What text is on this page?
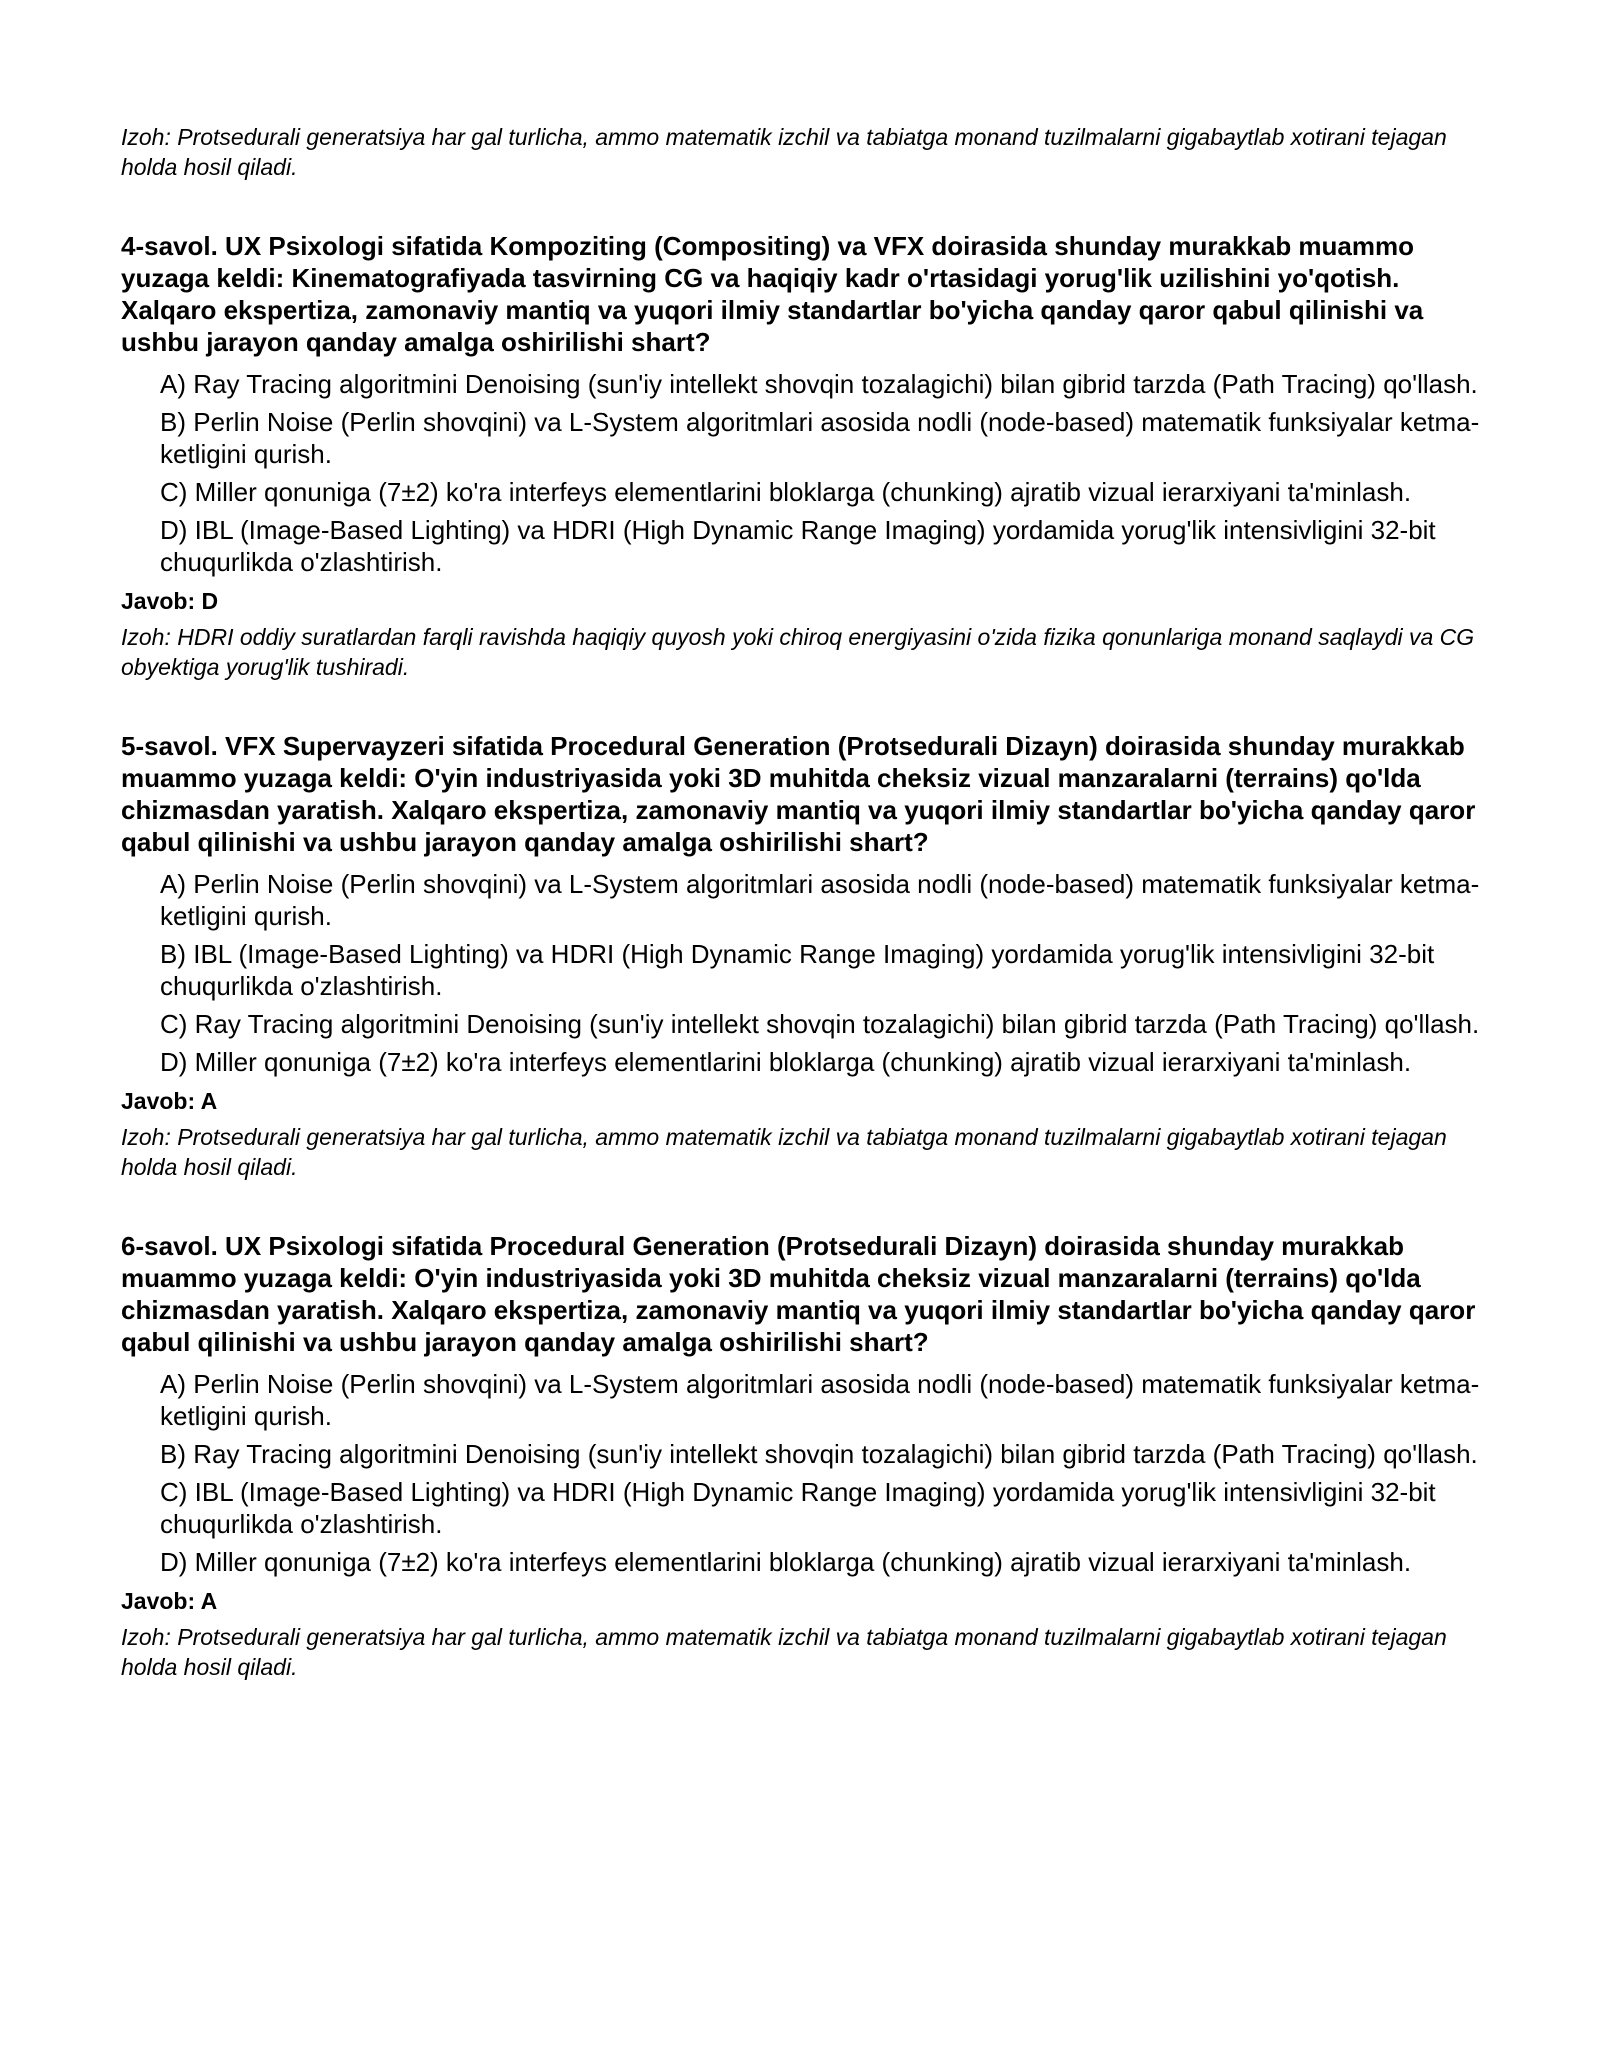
Izoh: Protsedurali generatsiya har gal turlicha, ammo matematik izchil va tabiatga monand tuzilmalarni gigabaytlab xotirani tejagan holda hosil qiladi.

4-savol. UX Psixologi sifatida Kompoziting (Compositing) va VFX doirasida shunday murakkab muammo yuzaga keldi: Kinematografiyada tasvirning CG va haqiqiy kadr o'rtasidagi yorug'lik uzilishini yo'qotish. Xalqaro ekspertiza, zamonaviy mantiq va yuqori ilmiy standartlar bo'yicha qanday qaror qabul qilinishi va ushbu jarayon qanday amalga oshirilishi shart?

A) Ray Tracing algoritmini Denoising (sun'iy intellekt shovqin tozalagichi) bilan gibrid tarzda (Path Tracing) qo'llash.
B) Perlin Noise (Perlin shovqini) va L-System algoritmlari asosida nodli (node-based) matematik funksiyalar ketma-ketligini qurish.
C) Miller qonuniga (7±2) ko'ra interfeys elementlarini bloklarga (chunking) ajratib vizual ierarxiyani ta'minlash.
D) IBL (Image-Based Lighting) va HDRI (High Dynamic Range Imaging) yordamida yorug'lik intensivligini 32-bit chuqurlikda o'zlashtirish.

Javob: D

Izoh: HDRI oddiy suratlardan farqli ravishda haqiqiy quyosh yoki chiroq energiyasini o'zida fizika qonunlariga monand saqlaydi va CG obyektiga yorug'lik tushiradi.

5-savol. VFX Supervayzeri sifatida Procedural Generation (Protsedurali Dizayn) doirasida shunday murakkab muammo yuzaga keldi: O'yin industriyasida yoki 3D muhitda cheksiz vizual manzaralarni (terrains) qo'lda chizmasdan yaratish. Xalqaro ekspertiza, zamonaviy mantiq va yuqori ilmiy standartlar bo'yicha qanday qaror qabul qilinishi va ushbu jarayon qanday amalga oshirilishi shart?

A) Perlin Noise (Perlin shovqini) va L-System algoritmlari asosida nodli (node-based) matematik funksiyalar ketma-ketligini qurish.
B) IBL (Image-Based Lighting) va HDRI (High Dynamic Range Imaging) yordamida yorug'lik intensivligini 32-bit chuqurlikda o'zlashtirish.
C) Ray Tracing algoritmini Denoising (sun'iy intellekt shovqin tozalagichi) bilan gibrid tarzda (Path Tracing) qo'llash.
D) Miller qonuniga (7±2) ko'ra interfeys elementlarini bloklarga (chunking) ajratib vizual ierarxiyani ta'minlash.

Javob: A

Izoh: Protsedurali generatsiya har gal turlicha, ammo matematik izchil va tabiatga monand tuzilmalarni gigabaytlab xotirani tejagan holda hosil qiladi.

6-savol. UX Psixologi sifatida Procedural Generation (Protsedurali Dizayn) doirasida shunday murakkab muammo yuzaga keldi: O'yin industriyasida yoki 3D muhitda cheksiz vizual manzaralarni (terrains) qo'lda chizmasdan yaratish. Xalqaro ekspertiza, zamonaviy mantiq va yuqori ilmiy standartlar bo'yicha qanday qaror qabul qilinishi va ushbu jarayon qanday amalga oshirilishi shart?

A) Perlin Noise (Perlin shovqini) va L-System algoritmlari asosida nodli (node-based) matematik funksiyalar ketma-ketligini qurish.
B) Ray Tracing algoritmini Denoising (sun'iy intellekt shovqin tozalagichi) bilan gibrid tarzda (Path Tracing) qo'llash.
C) IBL (Image-Based Lighting) va HDRI (High Dynamic Range Imaging) yordamida yorug'lik intensivligini 32-bit chuqurlikda o'zlashtirish.
D) Miller qonuniga (7±2) ko'ra interfeys elementlarini bloklarga (chunking) ajratib vizual ierarxiyani ta'minlash.

Javob: A

Izoh: Protsedurali generatsiya har gal turlicha, ammo matematik izchil va tabiatga monand tuzilmalarni gigabaytlab xotirani tejagan holda hosil qiladi.
